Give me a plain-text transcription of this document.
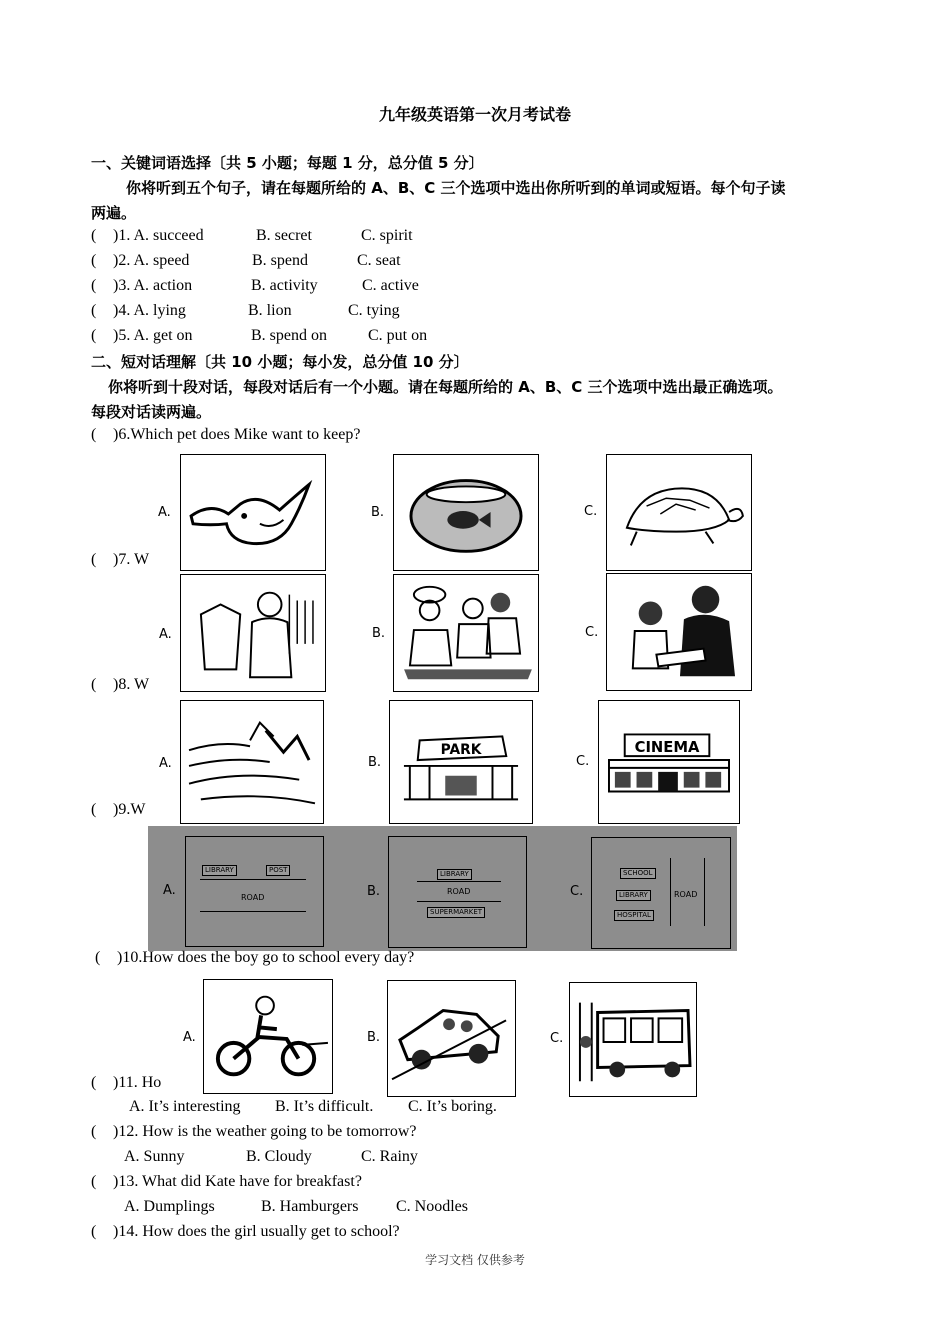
九年级英语第一次月考试卷
一、关键词语选择〔共 5 小题；每题 1 分，总分值 5 分〕
你将听到五个句子，请在每题所给的 A、B、C 三个选项中选出你所听到的单词或短语。每个句子读
两遍。
( )1. A. succeed	B. secret	C. spirit
( )2. A. speed	B. spend	C. seat
( )3. A. action	B. activity	C. active
( )4. A. lying	B. lion	C. tying
( )5. A. get on	B. spend on	C. put on
二、短对话理解〔共 10 小题；每小发，总分值 10 分〕
你将听到十段对话，每段对话后有一个小题。请在每题所给的 A、B、C 三个选项中选出最正确选项。
每段对话读两遍。
( )6.Which pet does Mike want to keep?
A.	B.	C.
( )7. W
A.	B.	C.
( )8. W
A.	B.
PARK
C.
CINEMA
( )9.W
A.
LIBRARY	POST
ROAD	B.
LIBRARY
ROAD
SUPERMARKET
C.
SCHOOL
LIBRARY
HOSPITAL
ROAD
( )10.How does the boy go to school every day?
A.	B.	C.
( )11. Ho
A. It’s interesting B. It’s difficult. C. It’s boring.
( )12. How is the weather going to be tomorrow?
A. Sunny	B. Cloudy	C. Rainy
( )13. What did Kate have for breakfast?
A. Dumplings	B. Hamburgers C. Noodles
( )14. How does the girl usually get to school?
学习文档 仅供参考
